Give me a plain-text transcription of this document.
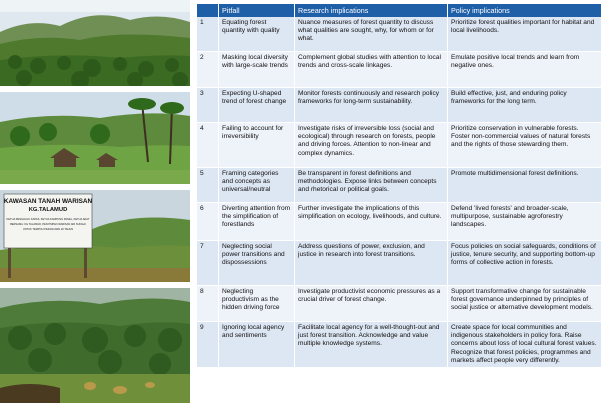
KAWASAN TANAH WARISAN
KG.TALAMUD
KETUA PENGHULU KAPAS, KETUA KAMPUNG PANEL, KETUA ADAT
BERSAMA: KG.TALAMUD, PENYIMPAN WARISAN AIR SUNGAI
UNTUK TEMPOH PERJANJIAN 20 TAHUN
	Pitfall	Research implications	Policy implications
1	Equating forest quantity with quality	Nuance measures of forest quantity to discuss what qualities are sought, why, for whom or for what.	Prioritize forest qualities important for habitat and local livelihoods.
2	Masking local diversity with large-scale trends	Complement global studies with attention to local trends and cross-scale linkages.	Emulate positive local trends and learn from negative ones.
3	Expecting U-shaped trend of forest change	Monitor forests continuously and research policy frameworks for long-term sustainability.	Build effective, just, and enduring policy frameworks for the long term.
4	Failing to account for irreversibility	Investigate risks of irreversible loss (social and ecological) through research on forests, people and driving forces. Attention to non-linear and complex dynamics.	Prioritize conservation in vulnerable forests. Foster non-commercial values of natural forests and the rights of those stewarding them.
5	Framing categories and concepts as universal/neutral	Be transparent in forest definitions and methodologies. Expose links between concepts and rhetorical or political goals.	Promote multidimensional forest definitions.
6	Diverting attention from the simplification of forestlands	Further investigate the implications of this simplification on ecology, livelihoods, and culture.	Defend 'lived forests' and broader-scale, multipurpose, sustainable agroforestry landscapes.
7	Neglecting social power transitions and dispossessions	Address questions of power, exclusion, and justice in research into forest transitions.	Focus policies on social safeguards, conditions of justice, tenure security, and supporting bottom-up forms of collective action in forests.
8	Neglecting productivism as the hidden driving force	Investigate productivist economic pressures as a crucial driver of forest change.	Support transformative change for sustainable forest governance underpinned by principles of social justice or alternative development models.
9	Ignoring local agency and sentiments	Facilitate local agency for a well-thought-out and just forest transition. Acknowledge and value multiple knowledge systems.	Create space for local communities and indigenous stakeholders in policy fora. Raise concerns about loss of local cultural forest values. Recognize that forest policies, programmes and markets affect people very differently.
